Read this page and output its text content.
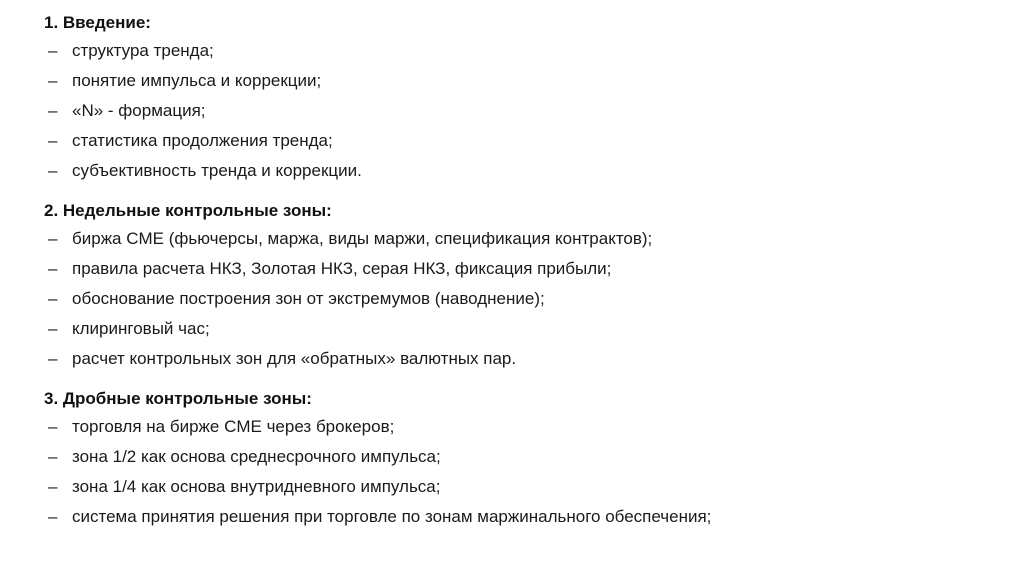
1. Введение:
– структура тренда;
– понятие импульса и коррекции;
– «N» - формация;
– статистика продолжения тренда;
– субъективность тренда и коррекции.
2. Недельные контрольные зоны:
– биржа CME (фьючерсы, маржа, виды маржи, спецификация контрактов);
– правила расчета НКЗ, Золотая НКЗ, серая НКЗ, фиксация прибыли;
– обоснование построения зон от экстремумов (наводнение);
– клиринговый час;
– расчет контрольных зон для «обратных» валютных пар.
3. Дробные контрольные зоны:
– торговля на бирже CME через брокеров;
– зона 1/2 как основа среднесрочного импульса;
– зона 1/4 как основа внутридневного импульса;
– система принятия решения при торговле по зонам маржинального обеспечения;
